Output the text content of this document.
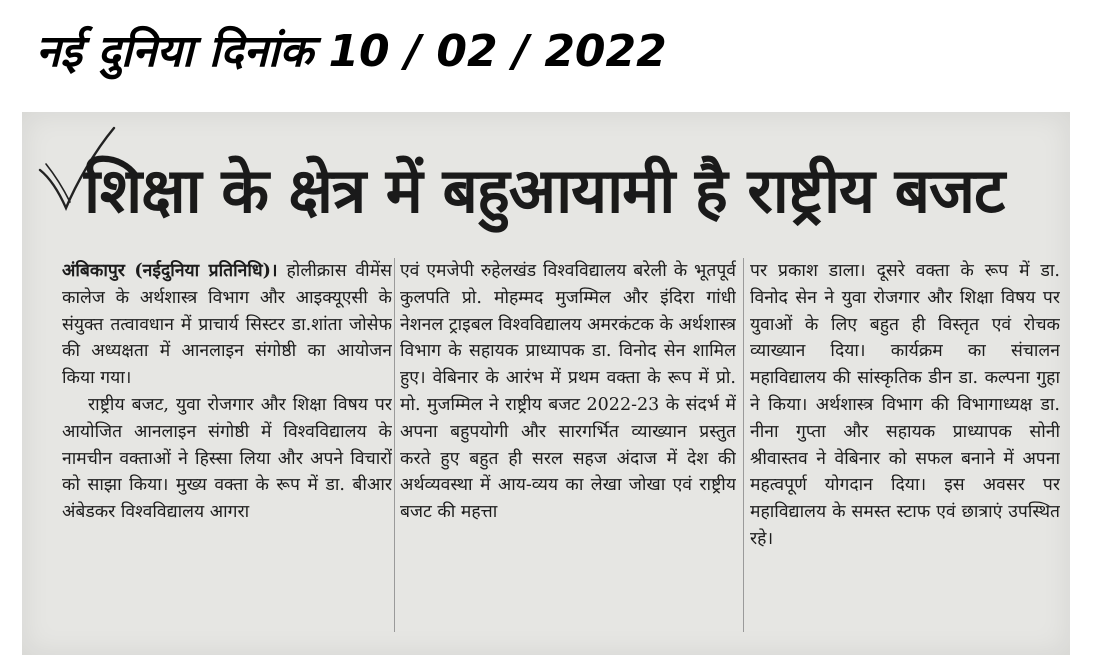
नई दुनिया दिनांक 10 / 02 / 2022
शिक्षा के क्षेत्र में बहुआयामी है राष्ट्रीय बजट

अंबिकापुर (नईदुनिया प्रतिनिधि)। होलीक्रास वीमेंस कालेज के अर्थशास्त्र विभाग और आइक्यूएसी के संयुक्त तत्वावधान में प्राचार्य सिस्टर डा.शांता जोसेफ की अध्यक्षता में आनलाइन संगोष्ठी का आयोजन किया गया।

राष्ट्रीय बजट, युवा रोजगार और शिक्षा विषय पर आयोजित आनलाइन संगोष्ठी में विश्वविद्यालय के नामचीन वक्ताओं ने हिस्सा लिया और अपने विचारों को साझा किया। मुख्य वक्ता के रूप में डा. बीआर अंबेडकर विश्वविद्यालय आगरा

एवं एमजेपी रुहेलखंड विश्वविद्यालय बरेली के भूतपूर्व कुलपति प्रो. मोहम्मद मुजम्मिल और इंदिरा गांधी नेशनल ट्राइबल विश्वविद्यालय अमरकंटक के अर्थशास्त्र विभाग के सहायक प्राध्यापक डा. विनोद सेन शामिल हुए। वेबिनार के आरंभ में प्रथम वक्ता के रूप में प्रो. मो. मुजम्मिल ने राष्ट्रीय बजट 2022-23 के संदर्भ में अपना बहुपयोगी और सारगर्भित व्याख्यान प्रस्तुत करते हुए बहुत ही सरल सहज अंदाज में देश की अर्थव्यवस्था में आय-व्यय का लेखा जोखा एवं राष्ट्रीय बजट की महत्ता

पर प्रकाश डाला। दूसरे वक्ता के रूप में डा. विनोद सेन ने युवा रोजगार और शिक्षा विषय पर युवाओं के लिए बहुत ही विस्तृत एवं रोचक व्याख्यान दिया। कार्यक्रम का संचालन महाविद्यालय की सांस्कृतिक डीन डा. कल्पना गुहा ने किया। अर्थशास्त्र विभाग की विभागाध्यक्ष डा. नीना गुप्ता और सहायक प्राध्यापक सोनी श्रीवास्तव ने वेबिनार को सफल बनाने में अपना महत्वपूर्ण योगदान दिया। इस अवसर पर महाविद्यालय के समस्त स्टाफ एवं छात्राएं उपस्थित रहे।
